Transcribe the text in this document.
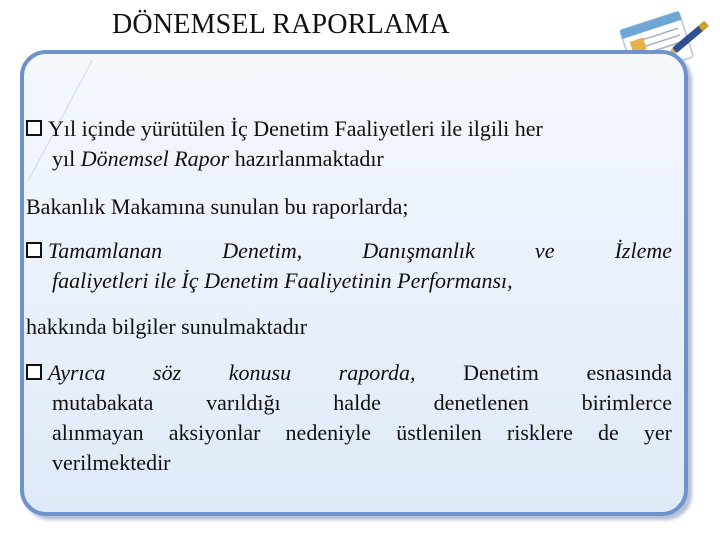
DÖNEMSEL RAPORLAMA
Yıl içinde yürütülen İç Denetim Faaliyetleri ile ilgili her
yıl Dönemsel Rapor hazırlanmaktadır
Bakanlık Makamına sunulan bu raporlarda;
Tamamlanan Denetim, Danışmanlık ve İzleme
faaliyetleri ile İç Denetim Faaliyetinin Performansı,
hakkında bilgiler sunulmaktadır
Ayrıca söz konusu raporda, Denetim esnasında
mutabakata varıldığı halde denetlenen birimlerce
alınmayan aksiyonlar nedeniyle üstlenilen risklere de yer
verilmektedir
